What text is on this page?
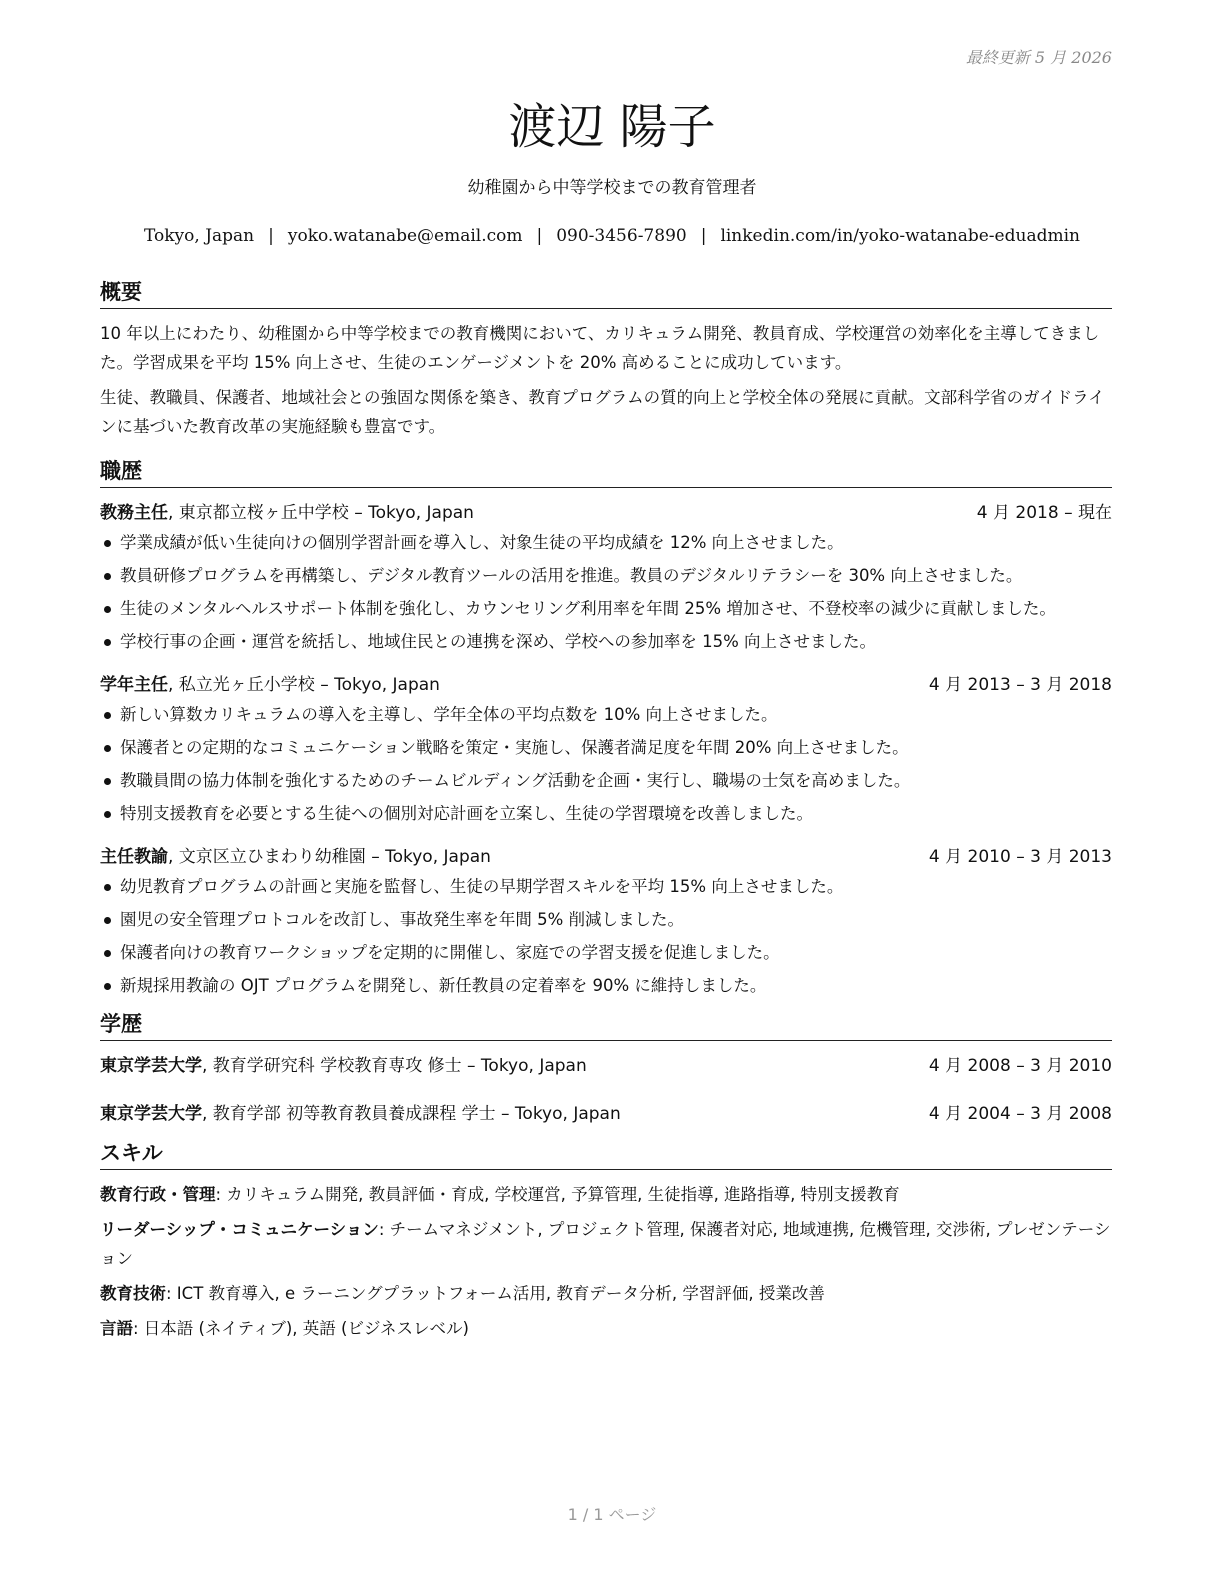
最終更新 5 月 2026
渡辺 陽子
幼稚園から中等学校までの教育管理者
Tokyo, Japan | yoko.watanabe@email.com | 090-3456-7890 | linkedin.com/in/yoko-watanabe-eduadmin
概要

10 年以上にわたり、幼稚園から中等学校までの教育機関において、カリキュラム開発、教員育成、学校運営の効率化を主導してきました。学習成果を平均 15% 向上させ、生徒のエンゲージメントを 20% 高めることに成功しています。

生徒、教職員、保護者、地域社会との強固な関係を築き、教育プログラムの質的向上と学校全体の発展に貢献。文部科学省のガイドラインに基づいた教育改革の実施経験も豊富です。

職歴
教務主任, 東京都立桜ヶ丘中学校 – Tokyo, Japan	4 月 2018 – 現在
学業成績が低い生徒向けの個別学習計画を導入し、対象生徒の平均成績を 12% 向上させました。
教員研修プログラムを再構築し、デジタル教育ツールの活用を推進。教員のデジタルリテラシーを 30% 向上させました。
生徒のメンタルヘルスサポート体制を強化し、カウンセリング利用率を年間 25% 増加させ、不登校率の減少に貢献しました。
学校行事の企画・運営を統括し、地域住民との連携を深め、学校への参加率を 15% 向上させました。
学年主任, 私立光ヶ丘小学校 – Tokyo, Japan	4 月 2013 – 3 月 2018
新しい算数カリキュラムの導入を主導し、学年全体の平均点数を 10% 向上させました。
保護者との定期的なコミュニケーション戦略を策定・実施し、保護者満足度を年間 20% 向上させました。
教職員間の協力体制を強化するためのチームビルディング活動を企画・実行し、職場の士気を高めました。
特別支援教育を必要とする生徒への個別対応計画を立案し、生徒の学習環境を改善しました。
主任教諭, 文京区立ひまわり幼稚園 – Tokyo, Japan	4 月 2010 – 3 月 2013
幼児教育プログラムの計画と実施を監督し、生徒の早期学習スキルを平均 15% 向上させました。
園児の安全管理プロトコルを改訂し、事故発生率を年間 5% 削減しました。
保護者向けの教育ワークショップを定期的に開催し、家庭での学習支援を促進しました。
新規採用教諭の OJT プログラムを開発し、新任教員の定着率を 90% に維持しました。
学歴
東京学芸大学, 教育学研究科 学校教育専攻 修士 – Tokyo, Japan	4 月 2008 – 3 月 2010
東京学芸大学, 教育学部 初等教育教員養成課程 学士 – Tokyo, Japan	4 月 2004 – 3 月 2008
スキル
教育行政・管理: カリキュラム開発, 教員評価・育成, 学校運営, 予算管理, 生徒指導, 進路指導, 特別支援教育
リーダーシップ・コミュニケーション: チームマネジメント, プロジェクト管理, 保護者対応, 地域連携, 危機管理, 交渉術, プレゼンテーション
教育技術: ICT 教育導入, e ラーニングプラットフォーム活用, 教育データ分析, 学習評価, 授業改善
言語: 日本語 (ネイティブ), 英語 (ビジネスレベル)
1 / 1 ページ
